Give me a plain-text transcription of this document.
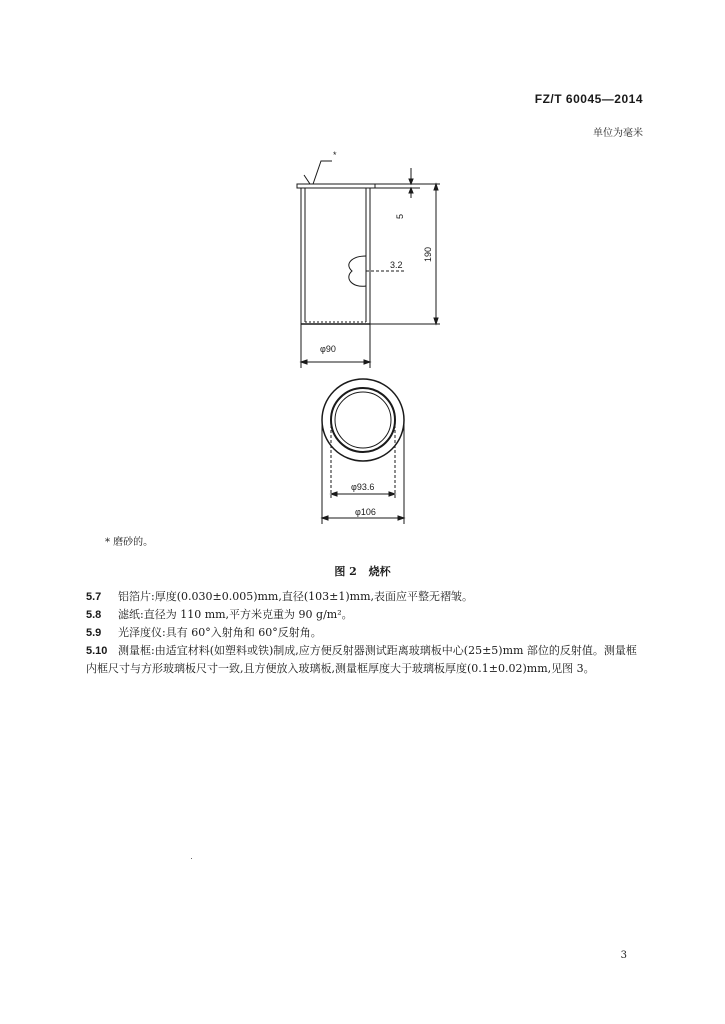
FZ/T 60045—2014
单位为毫米
*
5
3.2
190
φ90
φ93.6
φ106
* 磨砂的。
图 2 烧杯
5.7 铝箔片:厚度(0.030±0.005)mm,直径(103±1)mm,表面应平整无褶皱。
5.8 滤纸:直径为 110 mm,平方米克重为 90 g/m²。
5.9 光泽度仪:具有 60°入射角和 60°反射角。
5.10 测量框:由适宜材料(如塑料或铁)制成,应方便反射器测试距离玻璃板中心(25±5)mm 部位的反射值。测量框内框尺寸与方形玻璃板尺寸一致,且方便放入玻璃板,测量框厚度大于玻璃板厚度(0.1±0.02)mm,见图 3。
3
